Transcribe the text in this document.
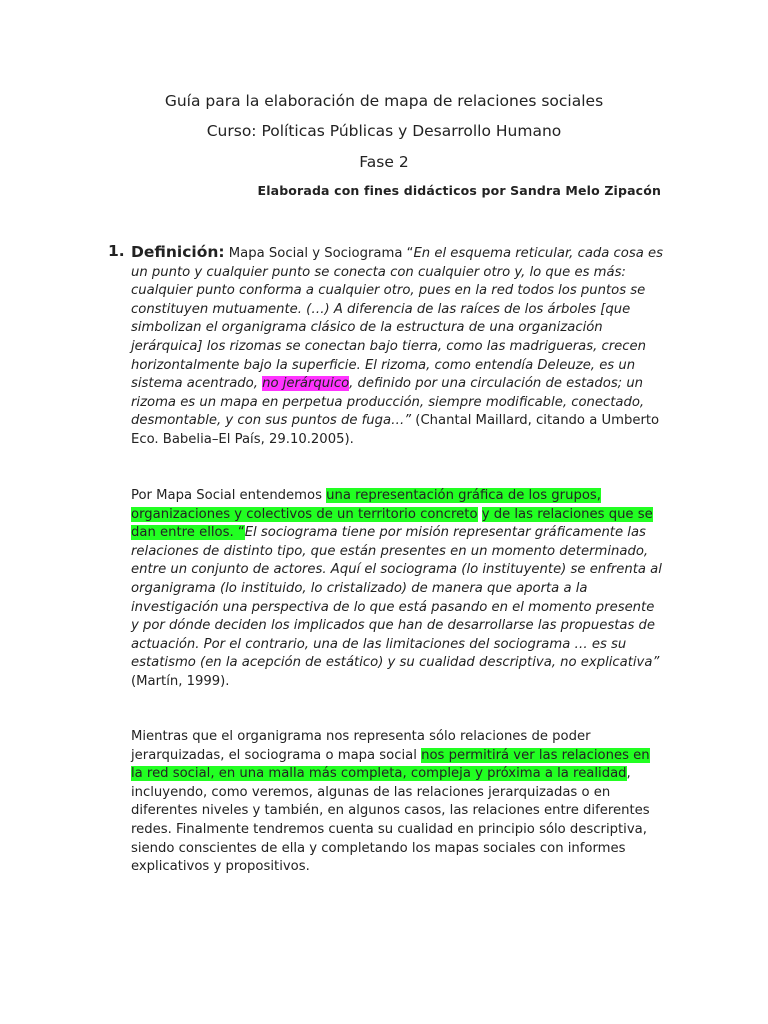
Guía para la elaboración de mapa de relaciones sociales
Curso: Políticas Públicas y Desarrollo Humano
Fase 2
Elaborada con fines didácticos por Sandra Melo Zipacón
1. Definición: Mapa Social y Sociograma “En el esquema reticular, cada cosa es un punto y cualquier punto se conecta con cualquier otro y, lo que es más: cualquier punto conforma a cualquier otro, pues en la red todos los puntos se constituyen mutuamente. (…) A diferencia de las raíces de los árboles [que simbolizan el organigrama clásico de la estructura de una organización jerárquica] los rizomas se conectan bajo tierra, como las madrigueras, crecen horizontalmente bajo la superficie. El rizoma, como entendía Deleuze, es un sistema acentrado, no jerárquico, definido por una circulación de estados; un rizoma es un mapa en perpetua producción, siempre modificable, conectado, desmontable, y con sus puntos de fuga…” (Chantal Maillard, citando a Umberto Eco. Babelia–El País, 29.10.2005).
Por Mapa Social entendemos una representación gráfica de los grupos, organizaciones y colectivos de un territorio concreto y de las relaciones que se dan entre ellos. “El sociograma tiene por misión representar gráficamente las relaciones de distinto tipo, que están presentes en un momento determinado, entre un conjunto de actores. Aquí el sociograma (lo instituyente) se enfrenta al organigrama (lo instituido, lo cristalizado) de manera que aporta a la investigación una perspectiva de lo que está pasando en el momento presente y por dónde deciden los implicados que han de desarrollarse las propuestas de actuación. Por el contrario, una de las limitaciones del sociograma … es su estatismo (en la acepción de estático) y su cualidad descriptiva, no explicativa” (Martín, 1999).
Mientras que el organigrama nos representa sólo relaciones de poder jerarquizadas, el sociograma o mapa social nos permitirá ver las relaciones en la red social, en una malla más completa, compleja y próxima a la realidad, incluyendo, como veremos, algunas de las relaciones jerarquizadas o en diferentes niveles y también, en algunos casos, las relaciones entre diferentes redes. Finalmente tendremos cuenta su cualidad en principio sólo descriptiva, siendo conscientes de ella y completando los mapas sociales con informes explicativos y propositivos.
